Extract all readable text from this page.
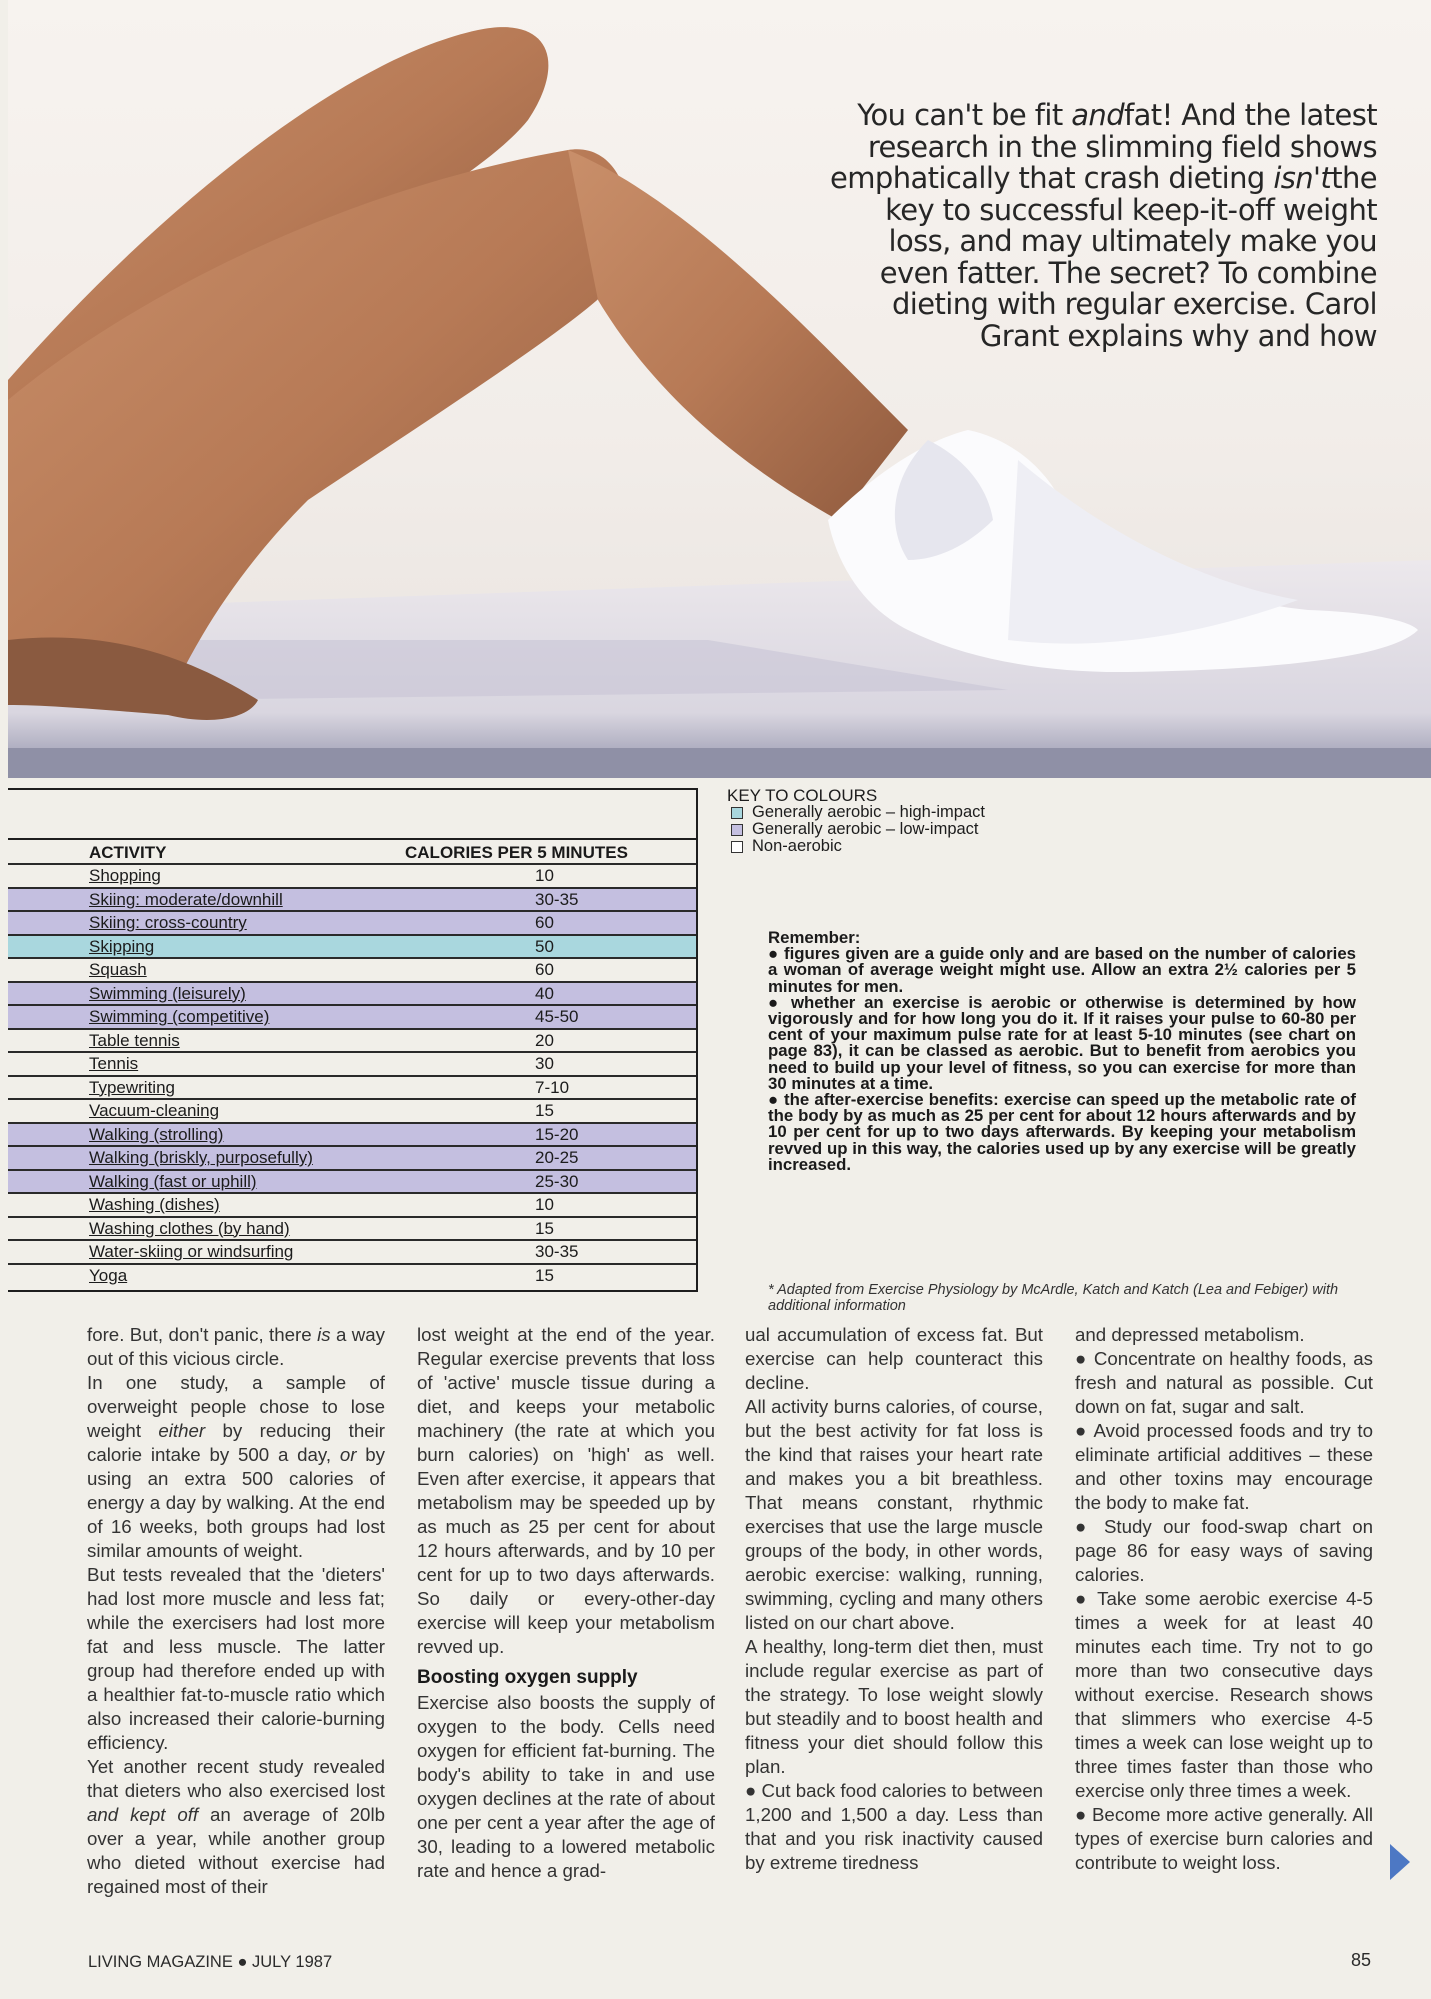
You can't be fit andfat! And the latest research in the slimming field shows emphatically that crash dieting isn'tthe key to successful keep-it-off weight loss, and may ultimately make you even fatter. The secret? To combine dieting with regular exercise. Carol Grant explains why and how

ACTIVITY	CALORIES PER 5 MINUTES
Shopping	10
Skiing: moderate/downhill	30-35
Skiing: cross-country	60
Skipping	50
Squash	60
Swimming (leisurely)	40
Swimming (competitive)	45-50
Table tennis	20
Tennis	30
Typewriting	7-10
Vacuum-cleaning	15
Walking (strolling)	15-20
Walking (briskly, purposefully)	20-25
Walking (fast or uphill)	25-30
Washing (dishes)	10
Washing clothes (by hand)	15
Water-skiing or windsurfing	30-35
Yoga	15
KEY TO COLOURS
Generally aerobic – high-impact
Generally aerobic – low-impact
Non-aerobic

Remember:

● figures given are a guide only and are based on the number of calories a woman of average weight might use. Allow an extra 2½ calories per 5 minutes for men.

● whether an exercise is aerobic or otherwise is determined by how vigorously and for how long you do it. If it raises your pulse to 60-80 per cent of your maximum pulse rate for at least 5-10 minutes (see chart on page 83), it can be classed as aerobic. But to benefit from aerobics you need to build up your level of fitness, so you can exercise for more than 30 minutes at a time.

● the after-exercise benefits: exercise can speed up the metabolic rate of the body by as much as 25 per cent for about 12 hours afterwards and by 10 per cent for up to two days afterwards. By keeping your metabolism revved up in this way, the calories used up by any exercise will be greatly increased.

* Adapted from Exercise Physiology by McArdle, Katch and Katch (Lea and Febiger) with additional information

fore. But, don't panic, there is a way out of this vicious circle.

In one study, a sample of overweight people chose to lose weight either by reducing their calorie intake by 500 a day, or by using an extra 500 calories of energy a day by walking. At the end of 16 weeks, both groups had lost similar amounts of weight.

But tests revealed that the 'dieters' had lost more muscle and less fat; while the exercisers had lost more fat and less muscle. The latter group had therefore ended up with a healthier fat-to-muscle ratio which also increased their calorie-burning efficiency.

Yet another recent study revealed that dieters who also exercised lost and kept off an average of 20lb over a year, while another group who dieted without exercise had regained most of their

lost weight at the end of the year. Regular exercise prevents that loss of 'active' muscle tissue during a diet, and keeps your metabolic machinery (the rate at which you burn calories) on 'high' as well. Even after exercise, it appears that metabolism may be speeded up by as much as 25 per cent for about 12 hours afterwards, and by 10 per cent for up to two days afterwards. So daily or every-other-day exercise will keep your metabolism revved up.

Boosting oxygen supply

Exercise also boosts the supply of oxygen to the body. Cells need oxygen for efficient fat-burning. The body's ability to take in and use oxygen declines at the rate of about one per cent a year after the age of 30, leading to a lowered metabolic rate and hence a grad-

ual accumulation of excess fat. But exercise can help counteract this decline.

All activity burns calories, of course, but the best activity for fat loss is the kind that raises your heart rate and makes you a bit breathless. That means constant, rhythmic exercises that use the large muscle groups of the body, in other words, aerobic exercise: walking, running, swimming, cycling and many others listed on our chart above.

A healthy, long-term diet then, must include regular exercise as part of the strategy. To lose weight slowly but steadily and to boost health and fitness your diet should follow this plan.

● Cut back food calories to between 1,200 and 1,500 a day. Less than that and you risk inactivity caused by extreme tiredness

and depressed metabolism.

● Concentrate on healthy foods, as fresh and natural as possible. Cut down on fat, sugar and salt.

● Avoid processed foods and try to eliminate artificial additives – these and other toxins may encourage the body to make fat.

● Study our food-swap chart on page 86 for easy ways of saving calories.

● Take some aerobic exercise 4-5 times a week for at least 40 minutes each time. Try not to go more than two consecutive days without exercise. Research shows that slimmers who exercise 4-5 times a week can lose weight up to three times faster than those who exercise only three times a week.

● Become more active generally. All types of exercise burn calories and contribute to weight loss.

LIVING MAGAZINE ● JULY 1987	85
